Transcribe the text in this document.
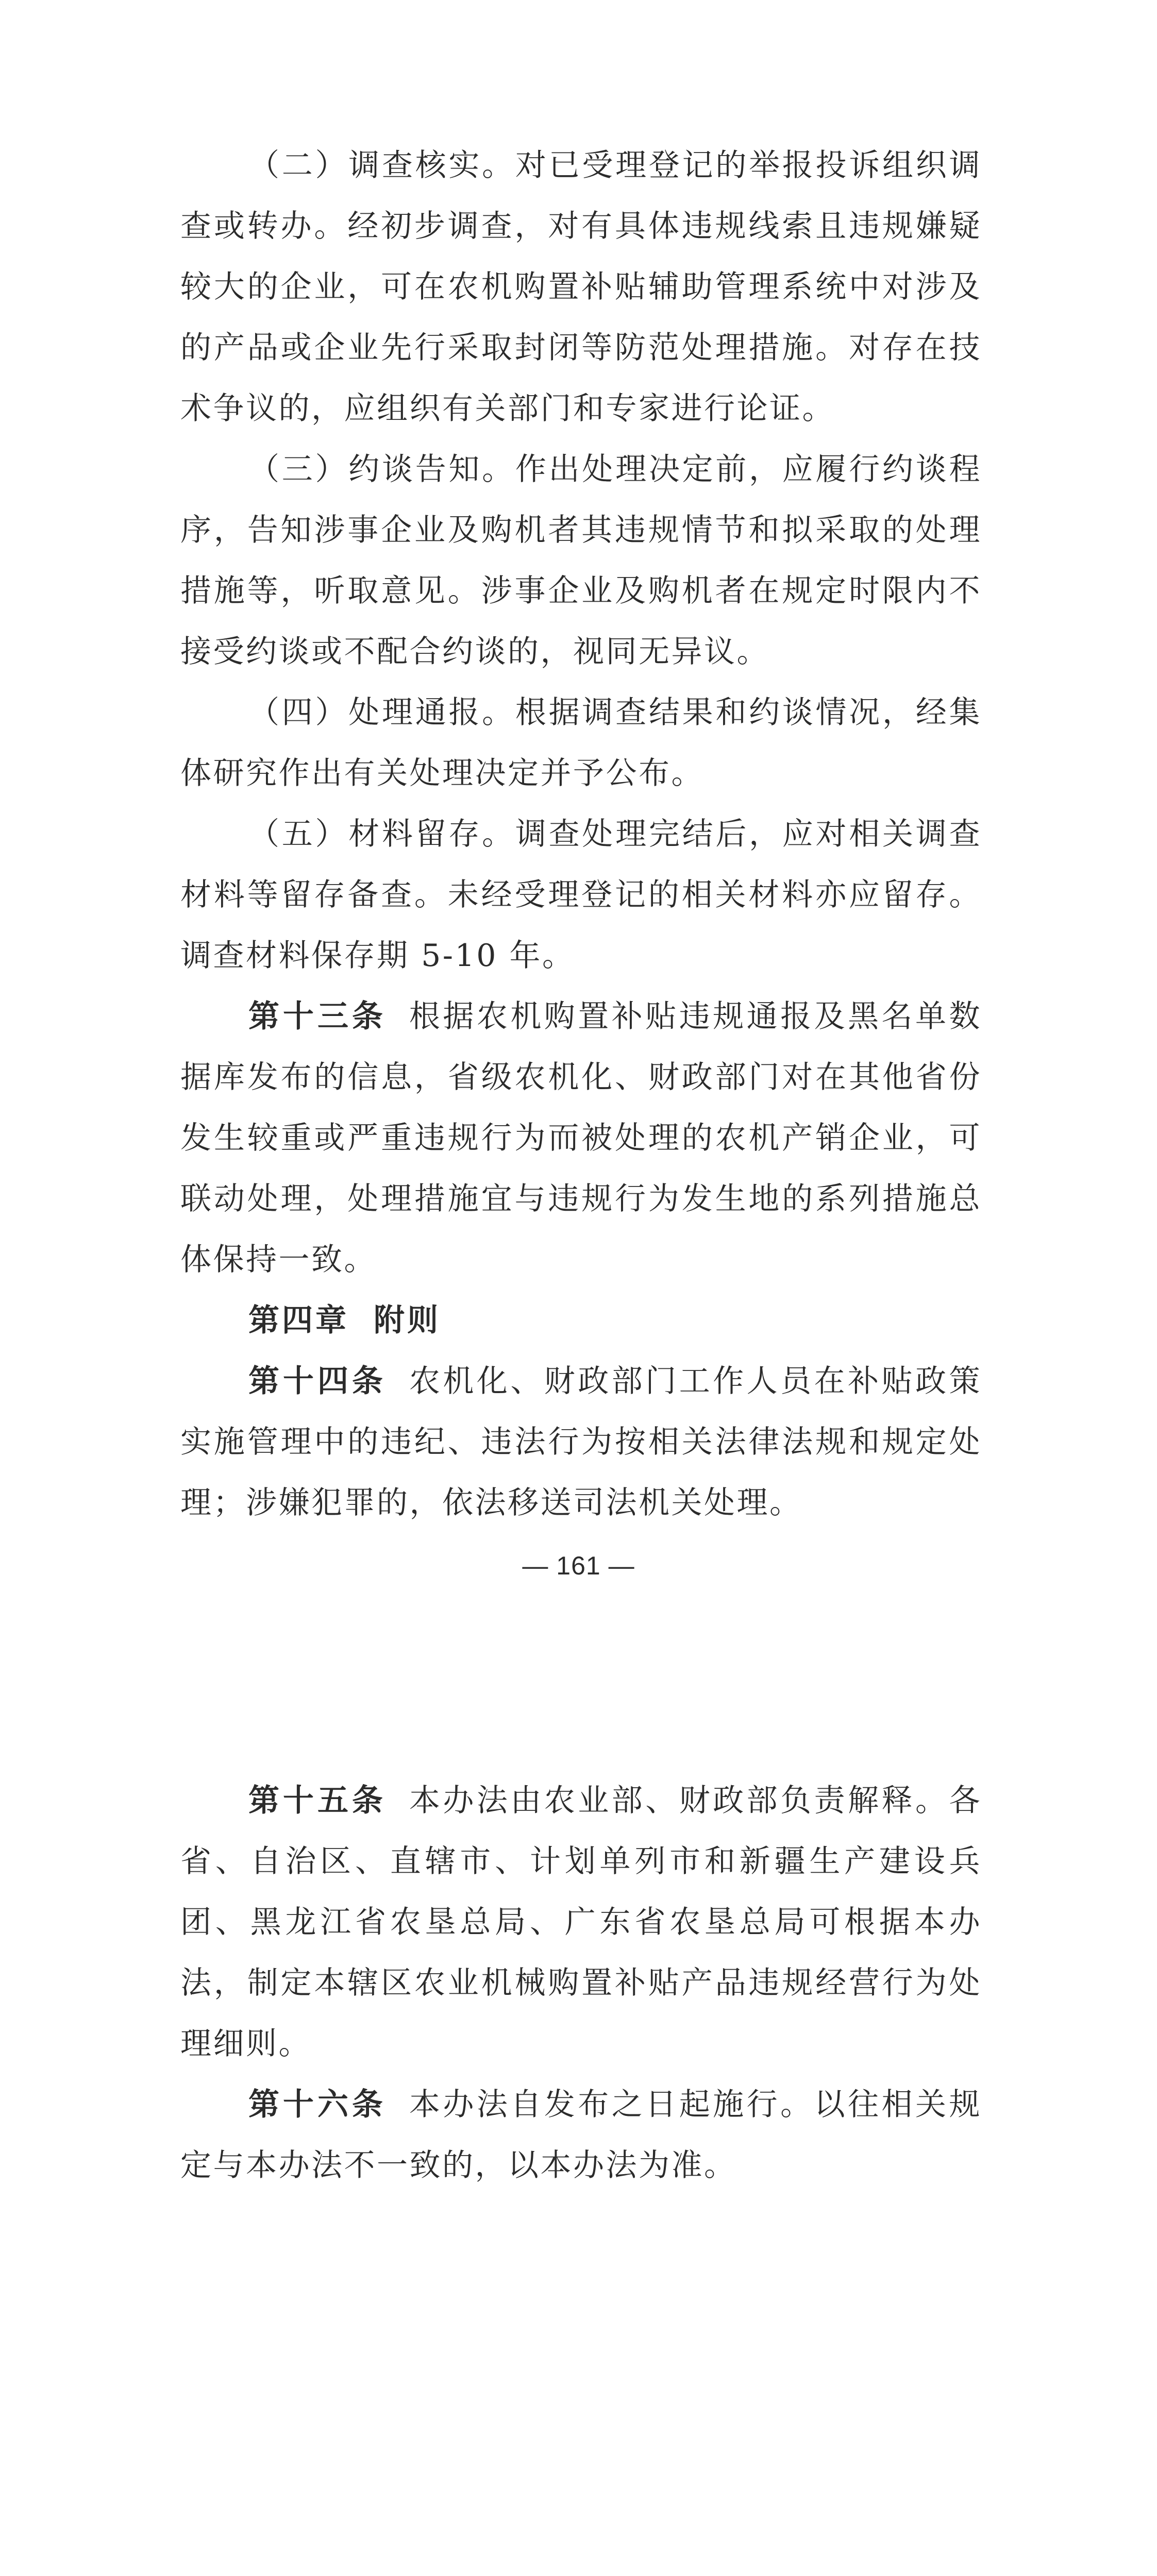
（二）调查核实。对已受理登记的举报投诉组织调查或转办。经初步调查，对有具体违规线索且违规嫌疑较大的企业，可在农机购置补贴辅助管理系统中对涉及的产品或企业先行采取封闭等防范处理措施。对存在技术争议的，应组织有关部门和专家进行论证。

（三）约谈告知。作出处理决定前，应履行约谈程序，告知涉事企业及购机者其违规情节和拟采取的处理措施等，听取意见。涉事企业及购机者在规定时限内不接受约谈或不配合约谈的，视同无异议。

（四）处理通报。根据调查结果和约谈情况，经集体研究作出有关处理决定并予公布。

（五）材料留存。调查处理完结后，应对相关调查材料等留存备查。未经受理登记的相关材料亦应留存。调查材料保存期 5-10 年。

第十三条 根据农机购置补贴违规通报及黑名单数据库发布的信息，省级农机化、财政部门对在其他省份发生较重或严重违规行为而被处理的农机产销企业，可联动处理，处理措施宜与违规行为发生地的系列措施总体保持一致。

第四章 附则

第十四条 农机化、财政部门工作人员在补贴政策实施管理中的违纪、违法行为按相关法律法规和规定处理；涉嫌犯罪的，依法移送司法机关处理。

— 161 —

第十五条 本办法由农业部、财政部负责解释。各省、自治区、直辖市、计划单列市和新疆生产建设兵团、黑龙江省农垦总局、广东省农垦总局可根据本办法，制定本辖区农业机械购置补贴产品违规经营行为处理细则。

第十六条 本办法自发布之日起施行。以往相关规定与本办法不一致的，以本办法为准。
